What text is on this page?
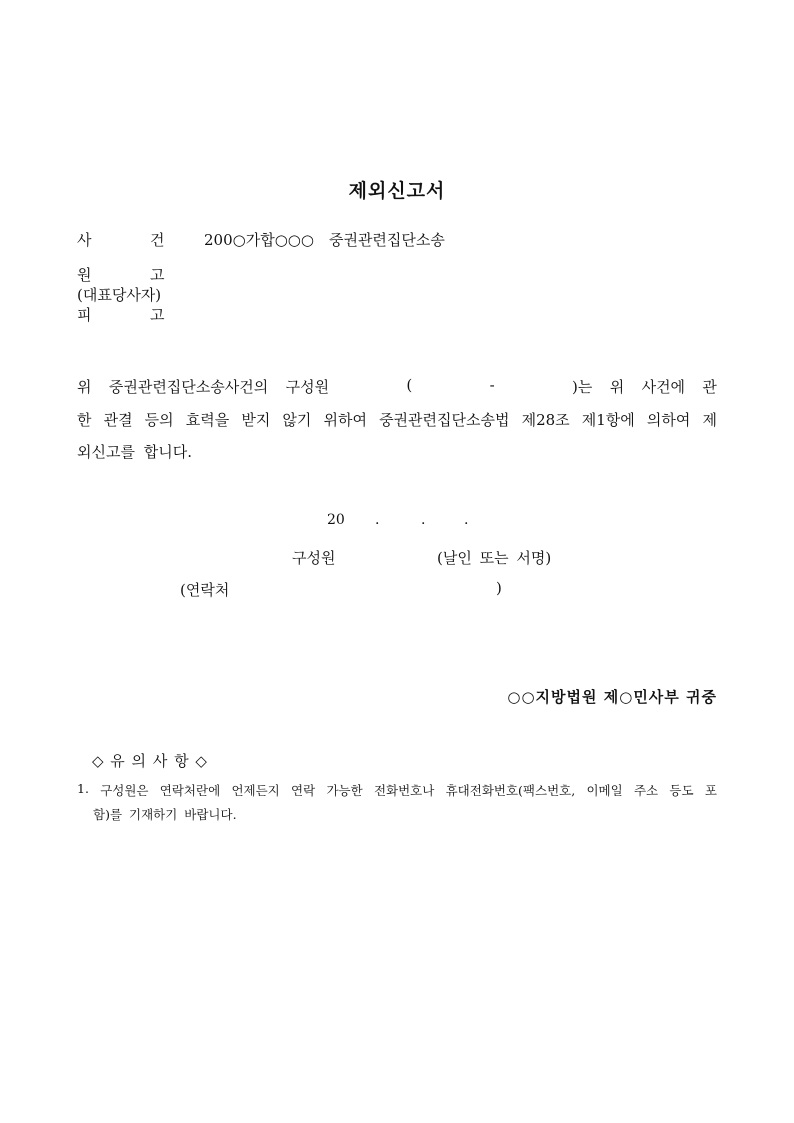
제외신고서
사	건	200○가합○○○　중권관련집단소송
원	고
(대표당사자)
피	고
위 중권관련집단소송사건의 구성원	(	-	)는 위 사건에 관
한 관결 등의 효력을 받지 않기 위하여 중권관련집단소송법 제28조 제1항에 의하여 제
외신고를 합니다.
20 .	.	.
구성원	(날인 또는 서명)
(연락처	)
○○지방법원 제○민사부 귀중
◇ 유 의 사 항 ◇
1. 구성원은 연락처란에 언제든지 연락 가능한 전화번호나 휴대전화번호(팩스번호, 이메일 주소 등도 포
함)를 기재하기 바랍니다.
